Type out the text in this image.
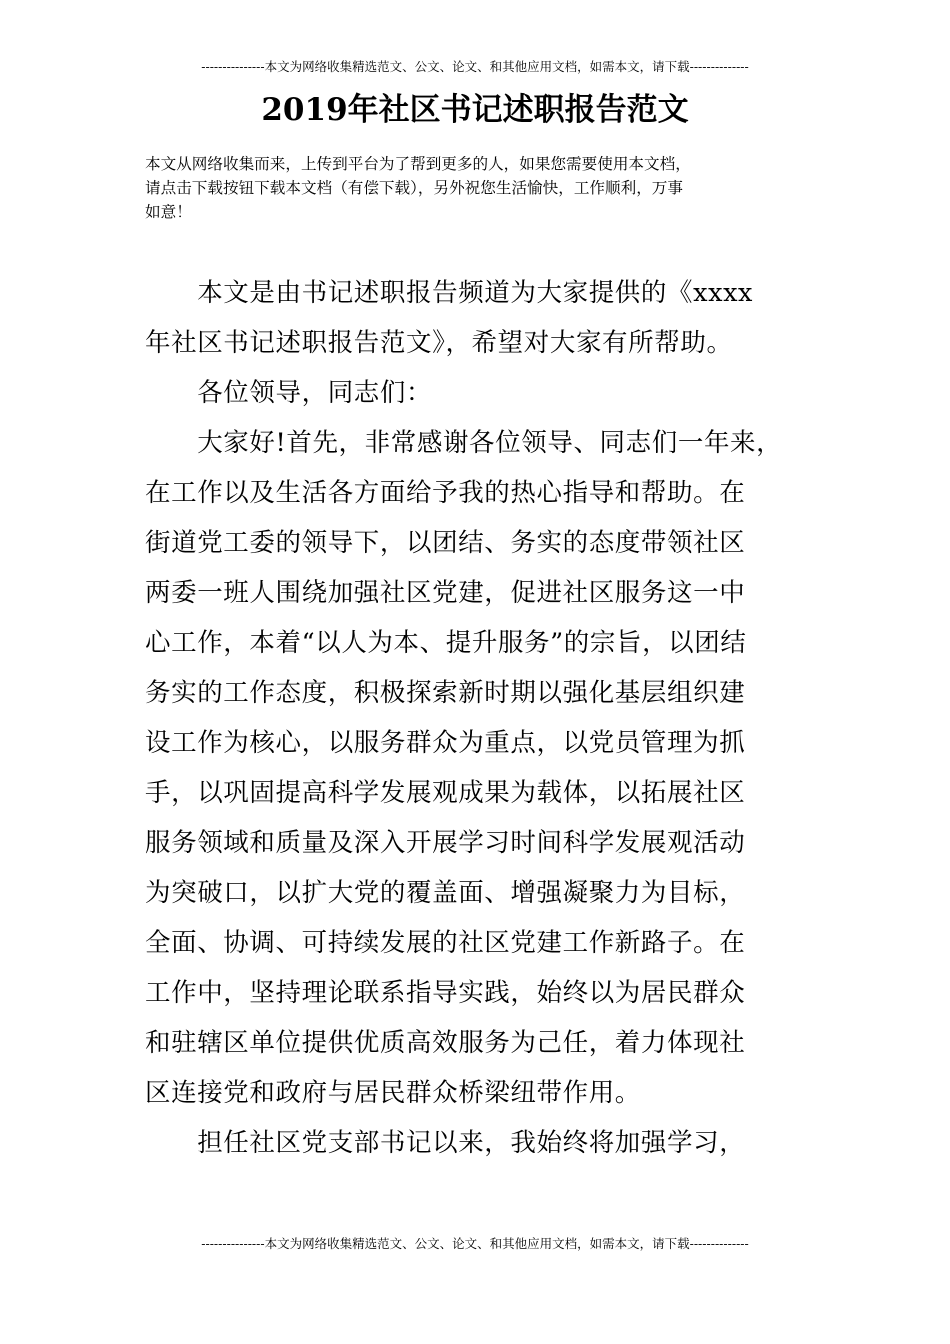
---------------本文为网络收集精选范文、公文、论文、和其他应用文档，如需本文，请下载--------------
2019年社区书记述职报告范文
本文从网络收集而来，上传到平台为了帮到更多的人，如果您需要使用本文档，
请点击下载按钮下载本文档（有偿下载），另外祝您生活愉快，工作顺利，万事
如意！
　　本文是由书记述职报告频道为大家提供的《xxxx
年社区书记述职报告范文》，希望对大家有所帮助。
　　各位领导，同志们：
　　大家好!首先，非常感谢各位领导、同志们一年来，
在工作以及生活各方面给予我的热心指导和帮助。在
街道党工委的领导下，以团结、务实的态度带领社区
两委一班人围绕加强社区党建，促进社区服务这一中
心工作，本着“以人为本、提升服务”的宗旨，以团结
务实的工作态度，积极探索新时期以强化基层组织建
设工作为核心，以服务群众为重点，以党员管理为抓
手，以巩固提高科学发展观成果为载体，以拓展社区
服务领域和质量及深入开展学习时间科学发展观活动
为突破口，以扩大党的覆盖面、增强凝聚力为目标，
全面、协调、可持续发展的社区党建工作新路子。在
工作中，坚持理论联系指导实践，始终以为居民群众
和驻辖区单位提供优质高效服务为己任，着力体现社
区连接党和政府与居民群众桥梁纽带作用。
　　担任社区党支部书记以来，我始终将加强学习，
---------------本文为网络收集精选范文、公文、论文、和其他应用文档，如需本文，请下载--------------
